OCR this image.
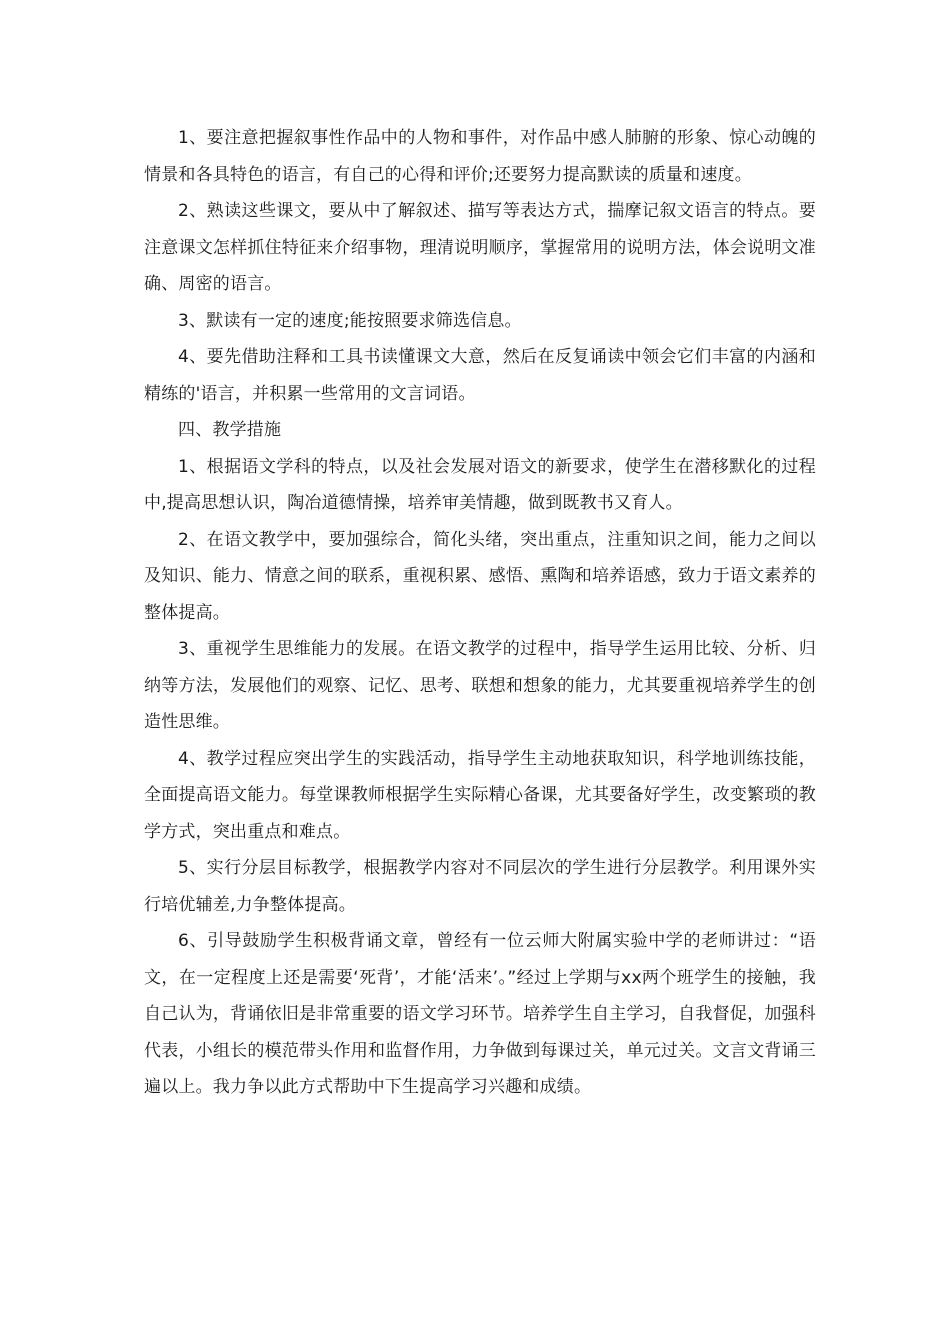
1、要注意把握叙事性作品中的人物和事件，对作品中感人肺腑的形象、惊心动魄的情景和各具特色的语言，有自己的心得和评价;还要努力提高默读的质量和速度。

2、熟读这些课文，要从中了解叙述、描写等表达方式，揣摩记叙文语言的特点。要注意课文怎样抓住特征来介绍事物，理清说明顺序，掌握常用的说明方法，体会说明文准确、周密的语言。

3、默读有一定的速度;能按照要求筛选信息。

4、要先借助注释和工具书读懂课文大意，然后在反复诵读中领会它们丰富的内涵和精练的'语言，并积累一些常用的文言词语。

四、教学措施

1、根据语文学科的特点，以及社会发展对语文的新要求，使学生在潜移默化的过程中,提高思想认识，陶冶道德情操，培养审美情趣，做到既教书又育人。

2、在语文教学中，要加强综合，简化头绪，突出重点，注重知识之间，能力之间以及知识、能力、情意之间的联系，重视积累、感悟、熏陶和培养语感，致力于语文素养的整体提高。

3、重视学生思维能力的发展。在语文教学的过程中，指导学生运用比较、分析、归纳等方法，发展他们的观察、记忆、思考、联想和想象的能力，尤其要重视培养学生的创造性思维。

4、教学过程应突出学生的实践活动，指导学生主动地获取知识，科学地训练技能，全面提高语文能力。每堂课教师根据学生实际精心备课，尤其要备好学生，改变繁琐的教学方式，突出重点和难点。

5、实行分层目标教学，根据教学内容对不同层次的学生进行分层教学。利用课外实行培优辅差,力争整体提高。

6、引导鼓励学生积极背诵文章，曾经有一位云师大附属实验中学的老师讲过：“语文，在一定程度上还是需要‘死背’，才能‘活来’。”经过上学期与xx两个班学生的接触，我自己认为，背诵依旧是非常重要的语文学习环节。培养学生自主学习，自我督促，加强科代表，小组长的模范带头作用和监督作用，力争做到每课过关，单元过关。文言文背诵三遍以上。我力争以此方式帮助中下生提高学习兴趣和成绩。
